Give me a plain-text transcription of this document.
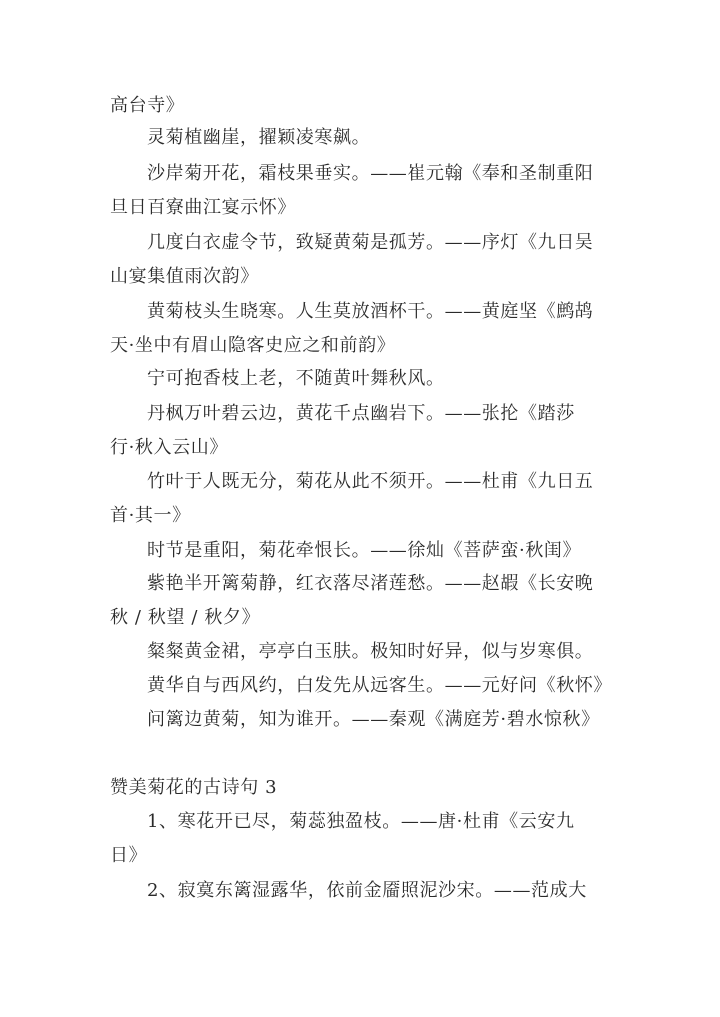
高台寺》
灵菊植幽崖，擢颖凌寒飙。
沙岸菊开花，霜枝果垂实。——崔元翰《奉和圣制重阳
旦日百寮曲江宴示怀》
几度白衣虚令节，致疑黄菊是孤芳。——序灯《九日吴
山宴集值雨次韵》
黄菊枝头生晓寒。人生莫放酒杯干。——黄庭坚《鹧鸪
天·坐中有眉山隐客史应之和前韵》
宁可抱香枝上老，不随黄叶舞秋风。
丹枫万叶碧云边，黄花千点幽岩下。——张抡《踏莎
行·秋入云山》
竹叶于人既无分，菊花从此不须开。——杜甫《九日五
首·其一》
时节是重阳，菊花牵恨长。——徐灿《菩萨蛮·秋闺》
紫艳半开篱菊静，红衣落尽渚莲愁。——赵嘏《长安晚
秋 / 秋望 / 秋夕》
粲粲黄金裙，亭亭白玉肤。极知时好异，似与岁寒俱。
黄华自与西风约，白发先从远客生。——元好问《秋怀》
问篱边黄菊，知为谁开。——秦观《满庭芳·碧水惊秋》
赞美菊花的古诗句 3
1、寒花开已尽，菊蕊独盈枝。——唐·杜甫《云安九
日》
2、寂寞东篱湿露华，依前金靥照泥沙宋。——范成大
